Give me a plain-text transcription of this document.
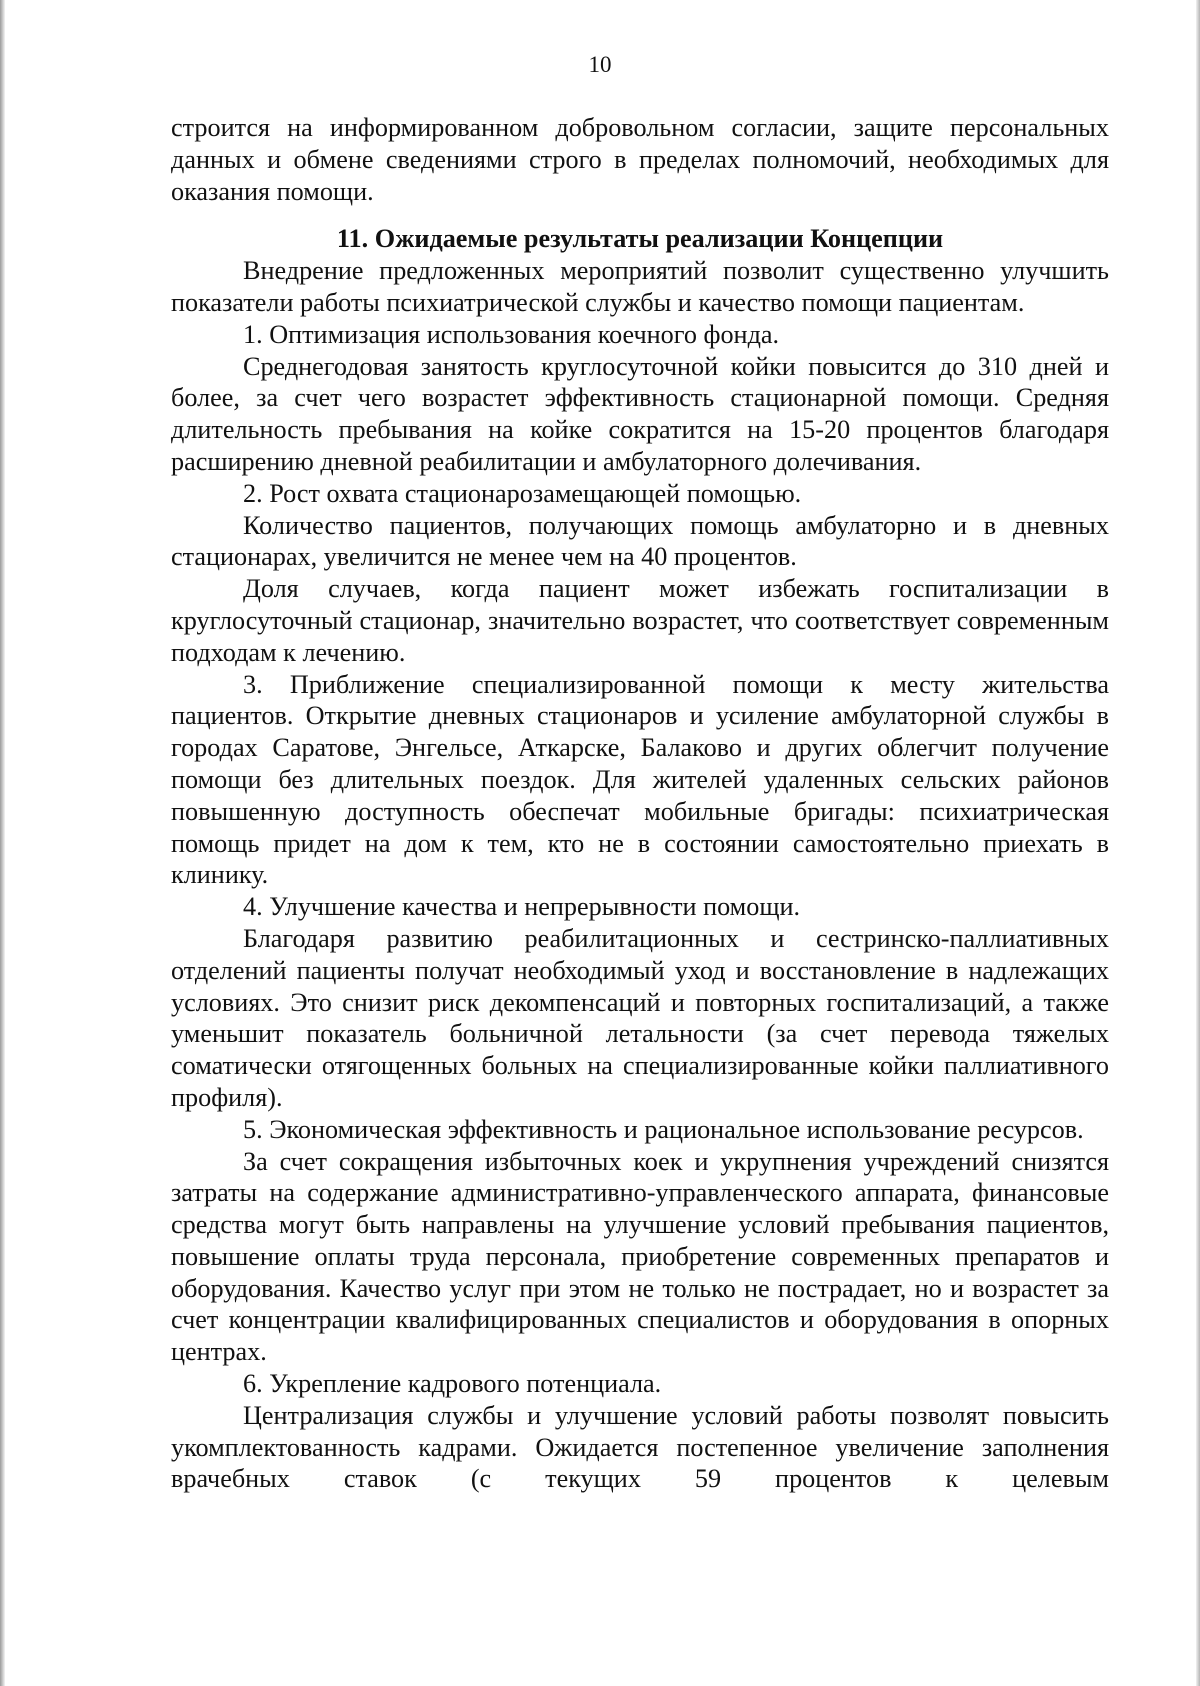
10

строится на информированном добровольном согласии, защите персональных данных и обмене сведениями строго в пределах полномочий, необходимых для оказания помощи.

11. Ожидаемые результаты реализации Концепции

Внедрение предложенных мероприятий позволит существенно улучшить показатели работы психиатрической службы и качество помощи пациентам.

1. Оптимизация использования коечного фонда.

Среднегодовая занятость круглосуточной койки повысится до 310 дней и более, за счет чего возрастет эффективность стационарной помощи. Средняя длительность пребывания на койке сократится на 15-20 процентов благодаря расширению дневной реабилитации и амбулаторного долечивания.

2. Рост охвата стационарозамещающей помощью.

Количество пациентов, получающих помощь амбулаторно и в дневных стационарах, увеличится не менее чем на 40 процентов.

Доля случаев, когда пациент может избежать госпитализации в круглосуточный стационар, значительно возрастет, что соответствует современным подходам к лечению.

3. Приближение специализированной помощи к месту жительства пациентов. Открытие дневных стационаров и усиление амбулаторной службы в городах Саратове, Энгельсе, Аткарске, Балаково и других облегчит получение помощи без длительных поездок. Для жителей удаленных сельских районов повышенную доступность обеспечат мобильные бригады: психиатрическая помощь придет на дом к тем, кто не в состоянии самостоятельно приехать в клинику.

4. Улучшение качества и непрерывности помощи.

Благодаря развитию реабилитационных и сестринско-паллиативных отделений пациенты получат необходимый уход и восстановление в надлежащих условиях. Это снизит риск декомпенсаций и повторных госпитализаций, а также уменьшит показатель больничной летальности (за счет перевода тяжелых соматически отягощенных больных на специализированные койки паллиативного профиля).

5. Экономическая эффективность и рациональное использование ресурсов.

За счет сокращения избыточных коек и укрупнения учреждений снизятся затраты на содержание административно-управленческого аппарата, финансовые средства могут быть направлены на улучшение условий пребывания пациентов, повышение оплаты труда персонала, приобретение современных препаратов и оборудования. Качество услуг при этом не только не пострадает, но и возрастет за счет концентрации квалифицированных специалистов и оборудования в опорных центрах.

6. Укрепление кадрового потенциала.

Централизация службы и улучшение условий работы позволят повысить укомплектованность кадрами. Ожидается постепенное увеличение заполнения врачебных ставок (с текущих 59 процентов к целевым
